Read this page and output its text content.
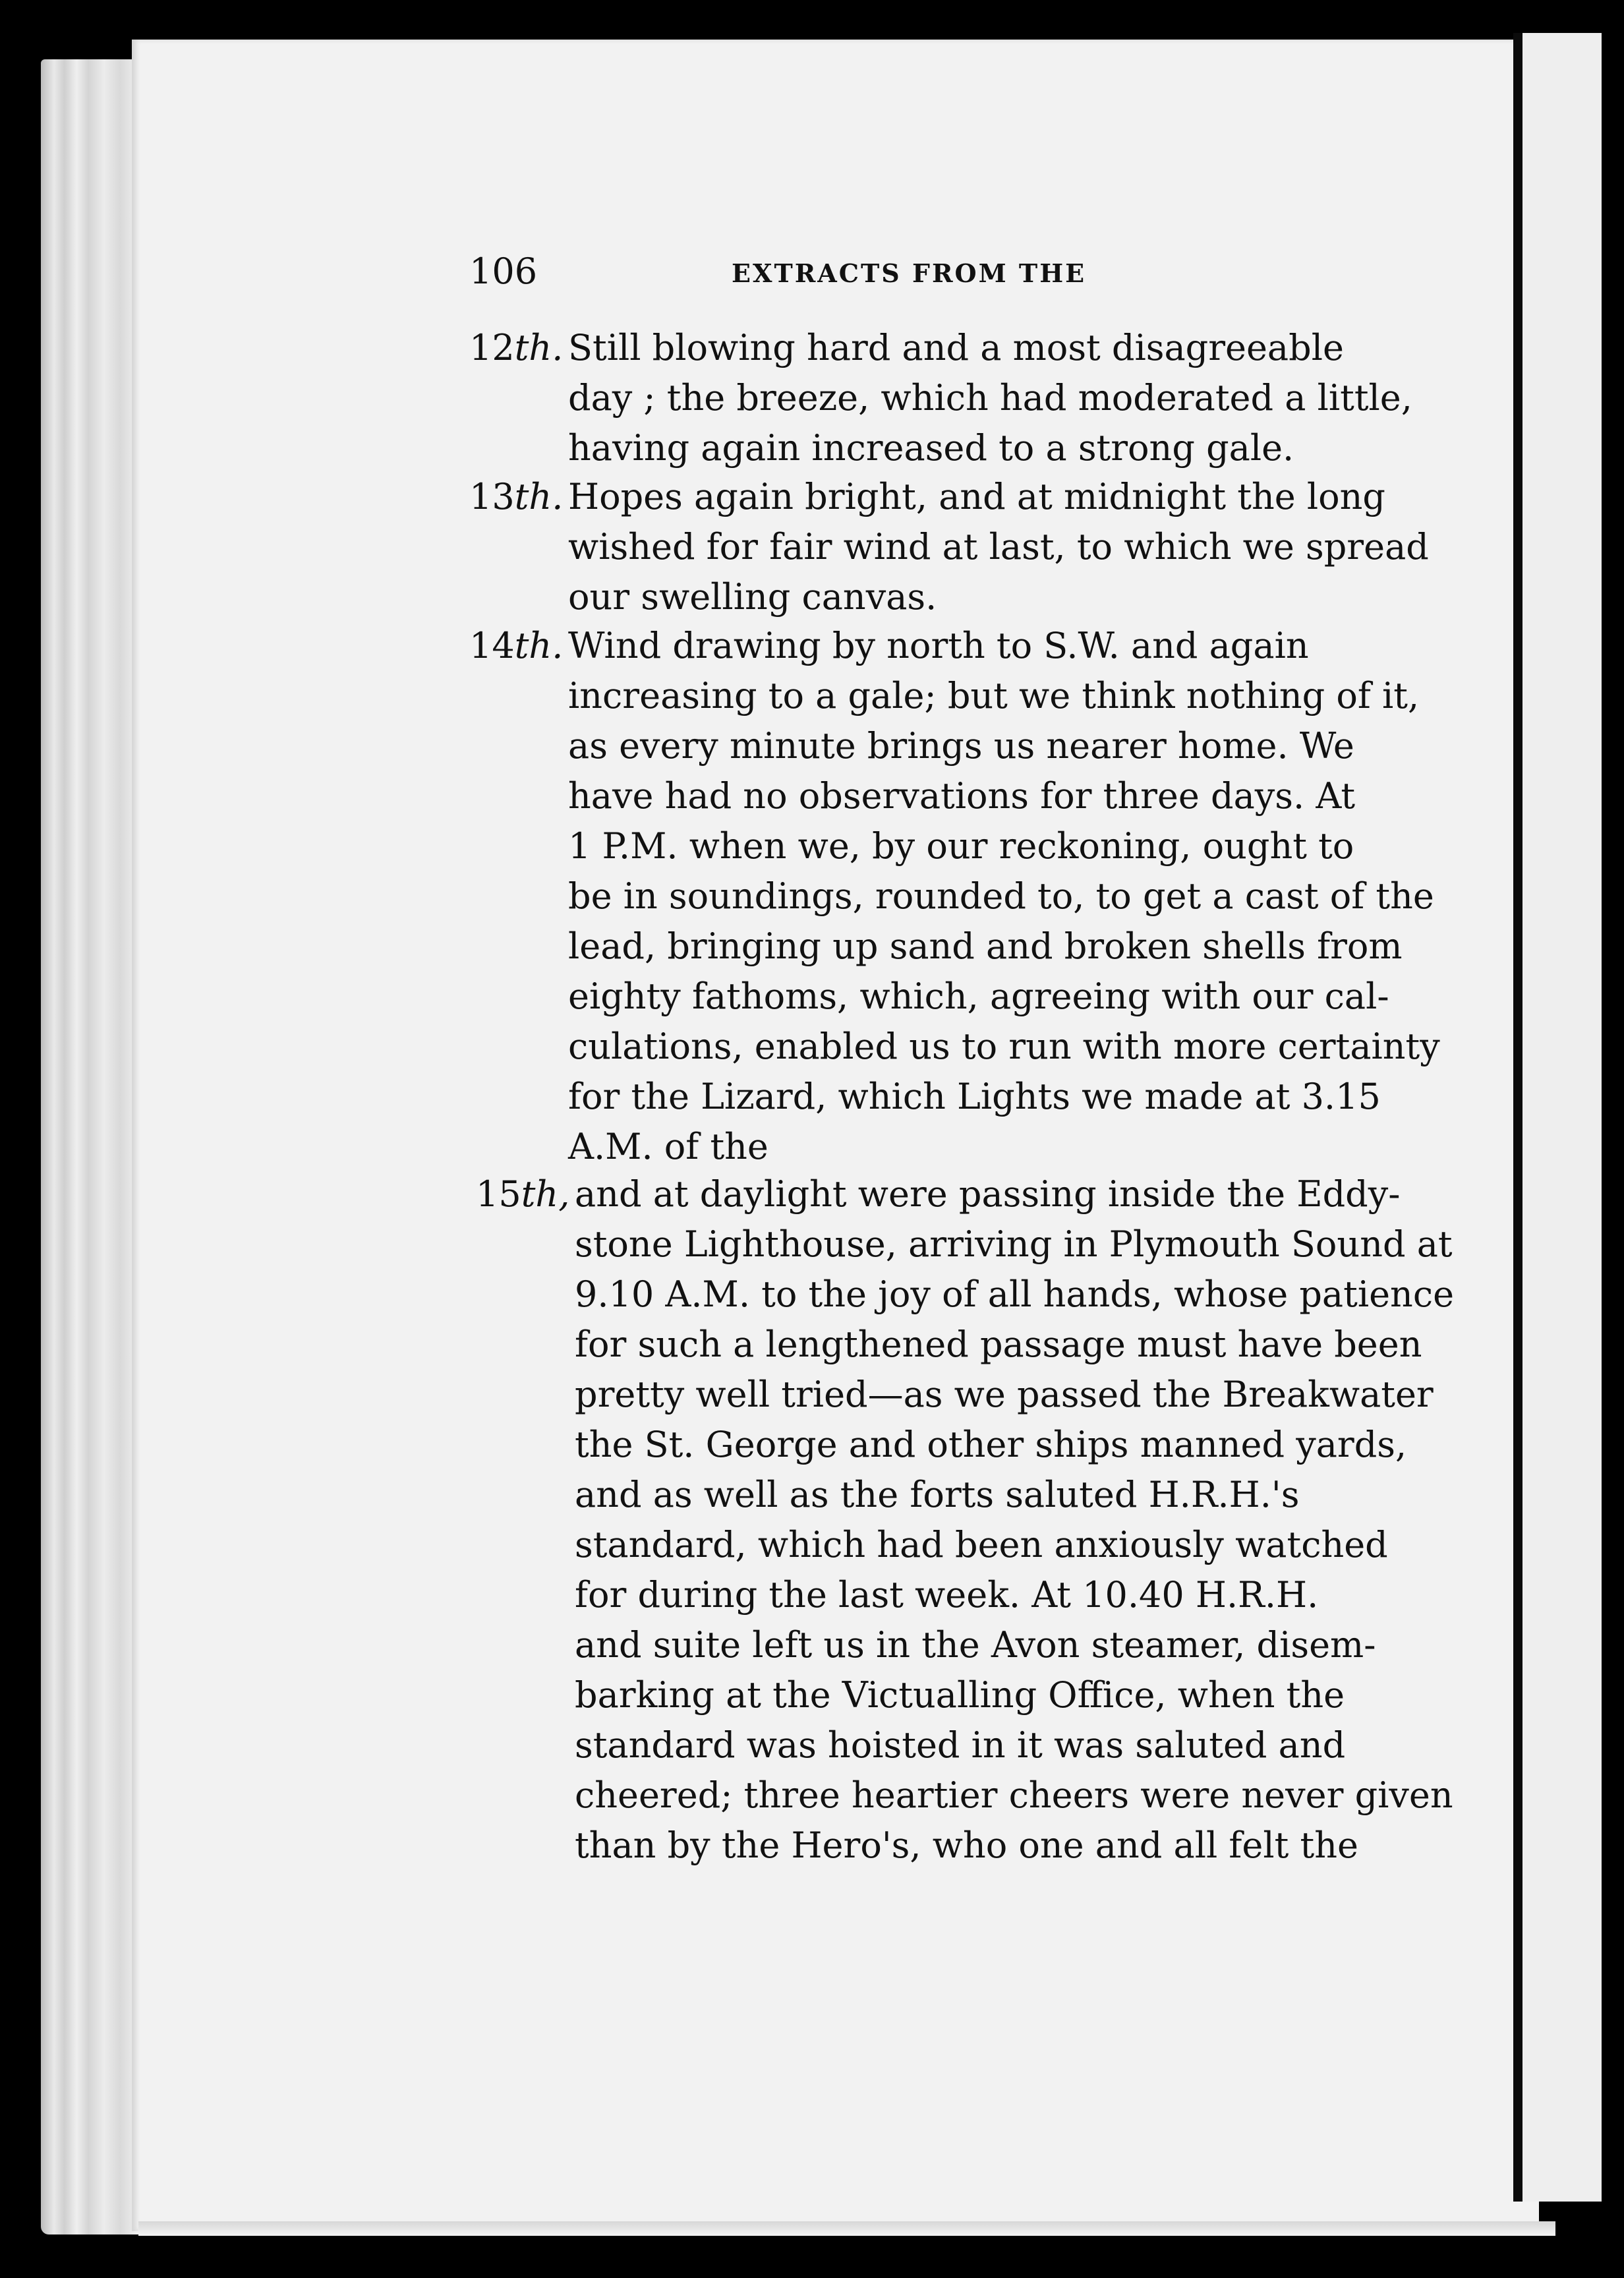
106	EXTRACTS FROM THE
12th. Still blowing hard and a most disagreeable
day ; the breeze, which had moderated a little,
having again increased to a strong gale.
13th. Hopes again bright, and at midnight the long
wished for fair wind at last, to which we spread
our swelling canvas.
14th. Wind drawing by north to S.W. and again
increasing to a gale; but we think nothing of it,
as every minute brings us nearer home. We
have had no observations for three days. At
1 P.M. when we, by our reckoning, ought to
be in soundings, rounded to, to get a cast of the
lead, bringing up sand and broken shells from
eighty fathoms, which, agreeing with our cal-
culations, enabled us to run with more certainty
for the Lizard, which Lights we made at 3.15
A.M. of the
15th, and at daylight were passing inside the Eddy-
stone Lighthouse, arriving in Plymouth Sound at
9.10 A.M. to the joy of all hands, whose patience
for such a lengthened passage must have been
pretty well tried—as we passed the Breakwater
the St. George and other ships manned yards,
and as well as the forts saluted H.R.H.'s
standard, which had been anxiously watched
for during the last week. At 10.40 H.R.H.
and suite left us in the Avon steamer, disem-
barking at the Victualling Office, when the
standard was hoisted in it was saluted and
cheered; three heartier cheers were never given
than by the Hero's, who one and all felt the
